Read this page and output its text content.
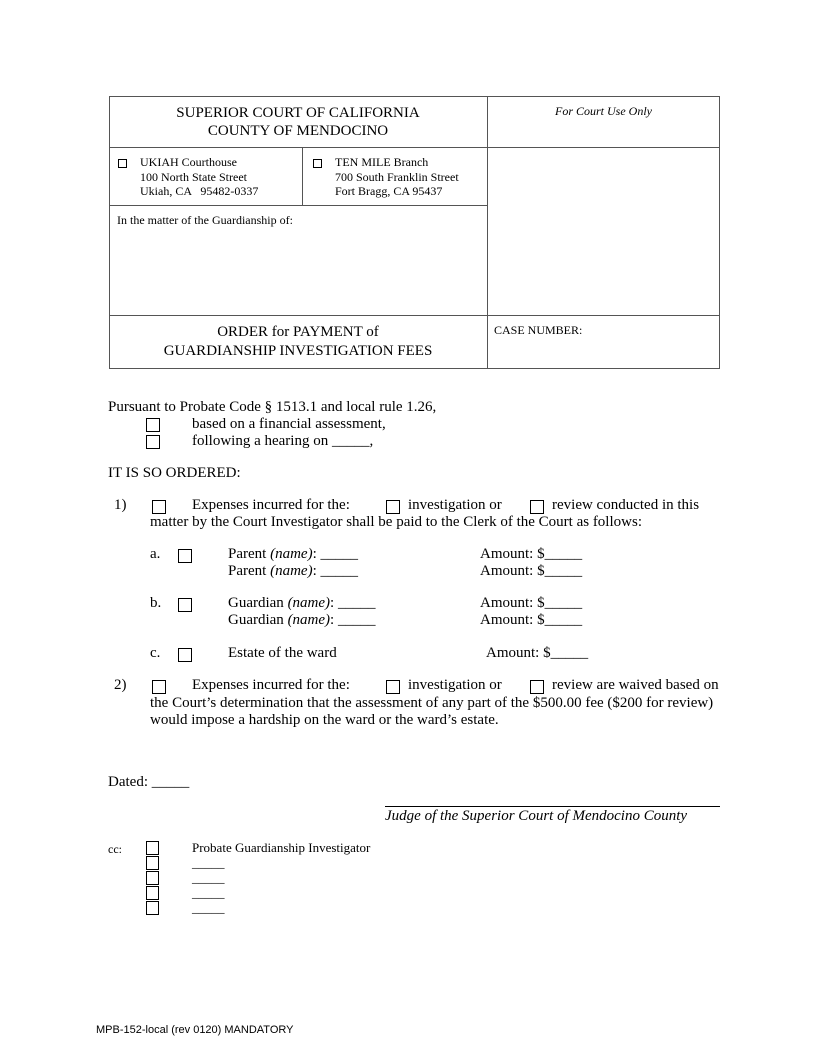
SUPERIOR COURT OF CALIFORNIA
COUNTY OF MENDOCINO
For Court Use Only
UKIAH Courthouse
100 North State Street
Ukiah, CA   95482-0337
TEN MILE Branch
700 South Franklin Street
Fort Bragg, CA 95437
In the matter of the Guardianship of:
ORDER for PAYMENT of
GUARDIANSHIP INVESTIGATION FEES
CASE NUMBER:
Pursuant to Probate Code § 1513.1 and local rule 1.26,
based on a financial assessment,
following a hearing on _____,
IT IS SO ORDERED:
1)	Expenses incurred for the:	investigation or	review conducted in this
matter by the Court Investigator shall be paid to the Clerk of the Court as follows:
a.	Parent (name): _____	Amount: $_____
Parent (name): _____	Amount: $_____
b.	Guardian (name): _____	Amount: $_____
Guardian (name): _____	Amount: $_____
c.	Estate of the ward	Amount: $_____
2)	Expenses incurred for the:	investigation or	review are waived based on
the Court’s determination that the assessment of any part of the $500.00 fee ($200 for review)
would impose a hardship on the ward or the ward’s estate.
Dated: _____
Judge of the Superior Court of Mendocino County
cc:	Probate Guardianship Investigator
_____
_____
_____
_____
MPB-152-local (rev 0120) MANDATORY
